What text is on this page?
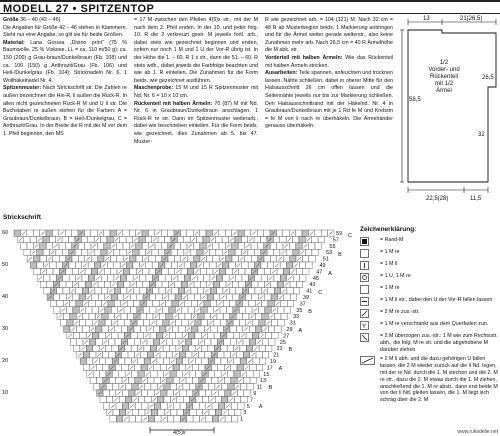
MODELL 27 • SPITZENTOP

Größe 36 – 40 (42 – 46)

Die Angaben für Größe 42 – 46 stehen in Klammern. Steht nur eine Angabe, so gilt sie für beide Größen.

Material: Lana Grossa „Divino print“ (75 % Baumwolle, 25 % Viskose, LL = ca. 110 m/50 g): ca. 150 (200) g Grau-braun/Dunkelbraun (Fb. 108) und ca. 100 (150) g Anthrazit/Grau (Fb. 106) und Hell-/Dunkelgrau (Fb. 104); Stricknadeln Nr. 6, 1 Wollhäkelnadel Nr. 4.

Spitzenmuster: Nach Strickschrift str. Die Zahlen re außen bezeichnen die Hin-R, li außen die Rück-R. In allen nicht gezeichneten Rück-R M und U li str. Die Buchstaben re außen stehen für die Farben: A = Graubraun/Dunkelbraun, B = Hell-/Dunkelgrau, C = Anthrazit/Grau. In der Breite die R mit der M vor dem 1. Pfeil beginnen, den MS

= 17 M zwischen den Pfeilen 4(5)x str., mit der M nach dem 2. Pfeil enden. In der 10. und jeder folg. 10. R die 2 verkreuzt gestr. M jeweils fortl. arb., dabei stets wie gezeichnet beginnen und enden, sofern nur noch 1 M und 1 U der Vor-R übrig ist. In der Höhe die 1. – 60. R 1 x str., dann die 51. – 60. R stets wdh., dabei jeweils die Farbfolge beachten und wie ab 1. R einteilen. Die Zunahmen für die Form beids. wie gezeichnet ausführen.

Maschenprobe: 15 M und 15 R Spitzenmuster mit Nd. Nr. 6 = 10 x 10 cm.

Rückenteil mit halben Ärmeln: 70 (87) M mit Nd. Nr. 6 in Graubraun/Dunkelbraun anschlagen. 1 Rück-R re str. Dann im Spitzenmuster weiterarb., dabei wie beschrieben einteilen. Für die Form beids. wie gezeichnet, dies Zunahmen ab 5. bis 47. Muster-

R wie gezeichnet arb. = 104 (121) M. Nach 32 cm = 48 R ab Musterbeginn beids. 1 Markierung anbringen und für die Ärmel weiter gerade weiterstr., also keine Zunahmen mehr arb. Nach 26,5 cm = 40 R Ärmelhöhe die M abk. str.

Vorderteil mit halben Ärmeln: Wie das Rückenteil mit halben Ärmeln stricken.

Ausarbeiten: Teile spannen, anfeuchten und trocknen lassen. Nähte schließen, dabei in oberer Mitte für den Halsausschnitt 26 cm offen lassen und die Seitennähte jeweils nur bis zur Markierung schließen. Den Halsausschnittrand mit der Häkelnd. Nr. 4 in Graubraun/Dunkelbraun mit je 1 Rd fe M und Krebsm = fe M von li nach re überhäkeln. Die Ärmelränder genauso überhäkeln.

13	21(26,5)
58,5
26,5
32
1/2
Vorder- und
Rückenteil
mit 1/2
Ärmel
22,5(28)	11,5
Strickschrift
60
50
40
30
20
10
59
57
55
53
51
49
47
45
43
41
39
37
35
33
31
29
27
25
23
21
19
17
15
13
11
9
7
5
3
1
C
B
A
C
B
A
B
A
B
A
4(5)x
Zeichenerklärung:
= Rand-M
= 1 M re
= 1 M li
= 1 U, 1 M re
= 1 M re
= 1 M li str., dabei den U der Vor-R fallen lassen
= 2 M re zus.-str.
Y	= 1 M re verschränkt aus dem Querfaden zun.
= 2 M überzogen zus.-str.: 1 M wie zum Rechtsstr. abh., die folg. M re str. und die abgehobene M darüber ziehen
= 2 M li abh. und die dazu gehörigen U fallen lassen, die 2 M wieder zurück auf die li Nd. legen, mit der re Nd. durch die 1. M stechen und die 2. M re str., dazu die 2. M etwas durch die 1. M ziehen, anschließend die 1. M re abstr., dann erst beide M von der li Nd. gleiten lassen, die 1. M liegt sich schräg über die 2. M
www.rukodelie.net
